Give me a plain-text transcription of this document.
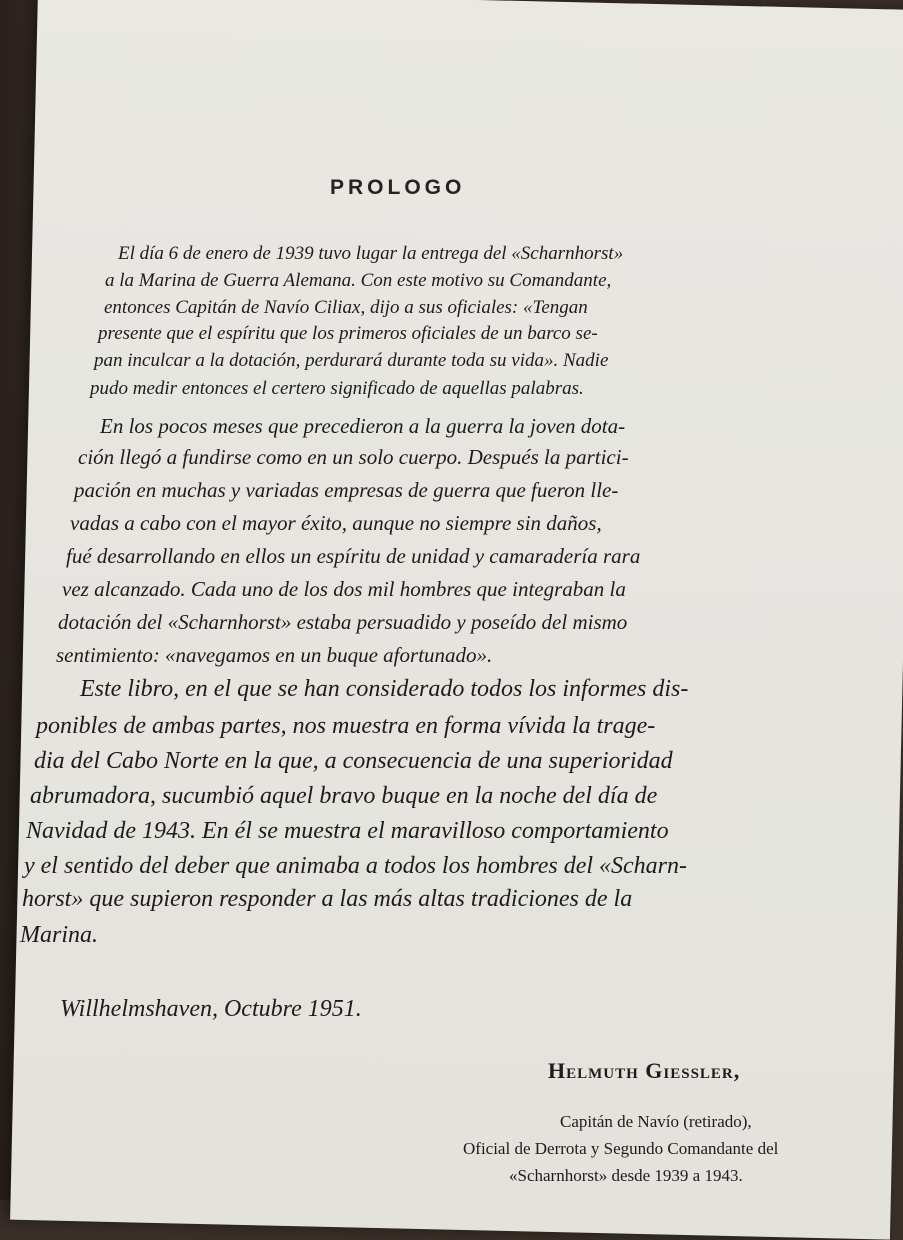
PROLOGO
El día 6 de enero de 1939 tuvo lugar la entrega del «Scharnhorst»
a la Marina de Guerra Alemana. Con este motivo su Comandante,
entonces Capitán de Navío Ciliax, dijo a sus oficiales: «Tengan
presente que el espíritu que los primeros oficiales de un barco se-
pan inculcar a la dotación, perdurará durante toda su vida». Nadie
pudo medir entonces el certero significado de aquellas palabras.
En los pocos meses que precedieron a la guerra la joven dota-
ción llegó a fundirse como en un solo cuerpo. Después la partici-
pación en muchas y variadas empresas de guerra que fueron lle-
vadas a cabo con el mayor éxito, aunque no siempre sin daños,
fué desarrollando en ellos un espíritu de unidad y camaradería rara
vez alcanzado. Cada uno de los dos mil hombres que integraban la
dotación del «Scharnhorst» estaba persuadido y poseído del mismo
sentimiento: «navegamos en un buque afortunado».
Este libro, en el que se han considerado todos los informes dis-
ponibles de ambas partes, nos muestra en forma vívida la trage-
dia del Cabo Norte en la que, a consecuencia de una superioridad
abrumadora, sucumbió aquel bravo buque en la noche del día de
Navidad de 1943. En él se muestra el maravilloso comportamiento
y el sentido del deber que animaba a todos los hombres del «Scharn-
horst» que supieron responder a las más altas tradiciones de la
Marina.
Willhelmshaven, Octubre 1951.
Helmuth Giessler,
Capitán de Navío (retirado),
Oficial de Derrota y Segundo Comandante del
«Scharnhorst» desde 1939 a 1943.
